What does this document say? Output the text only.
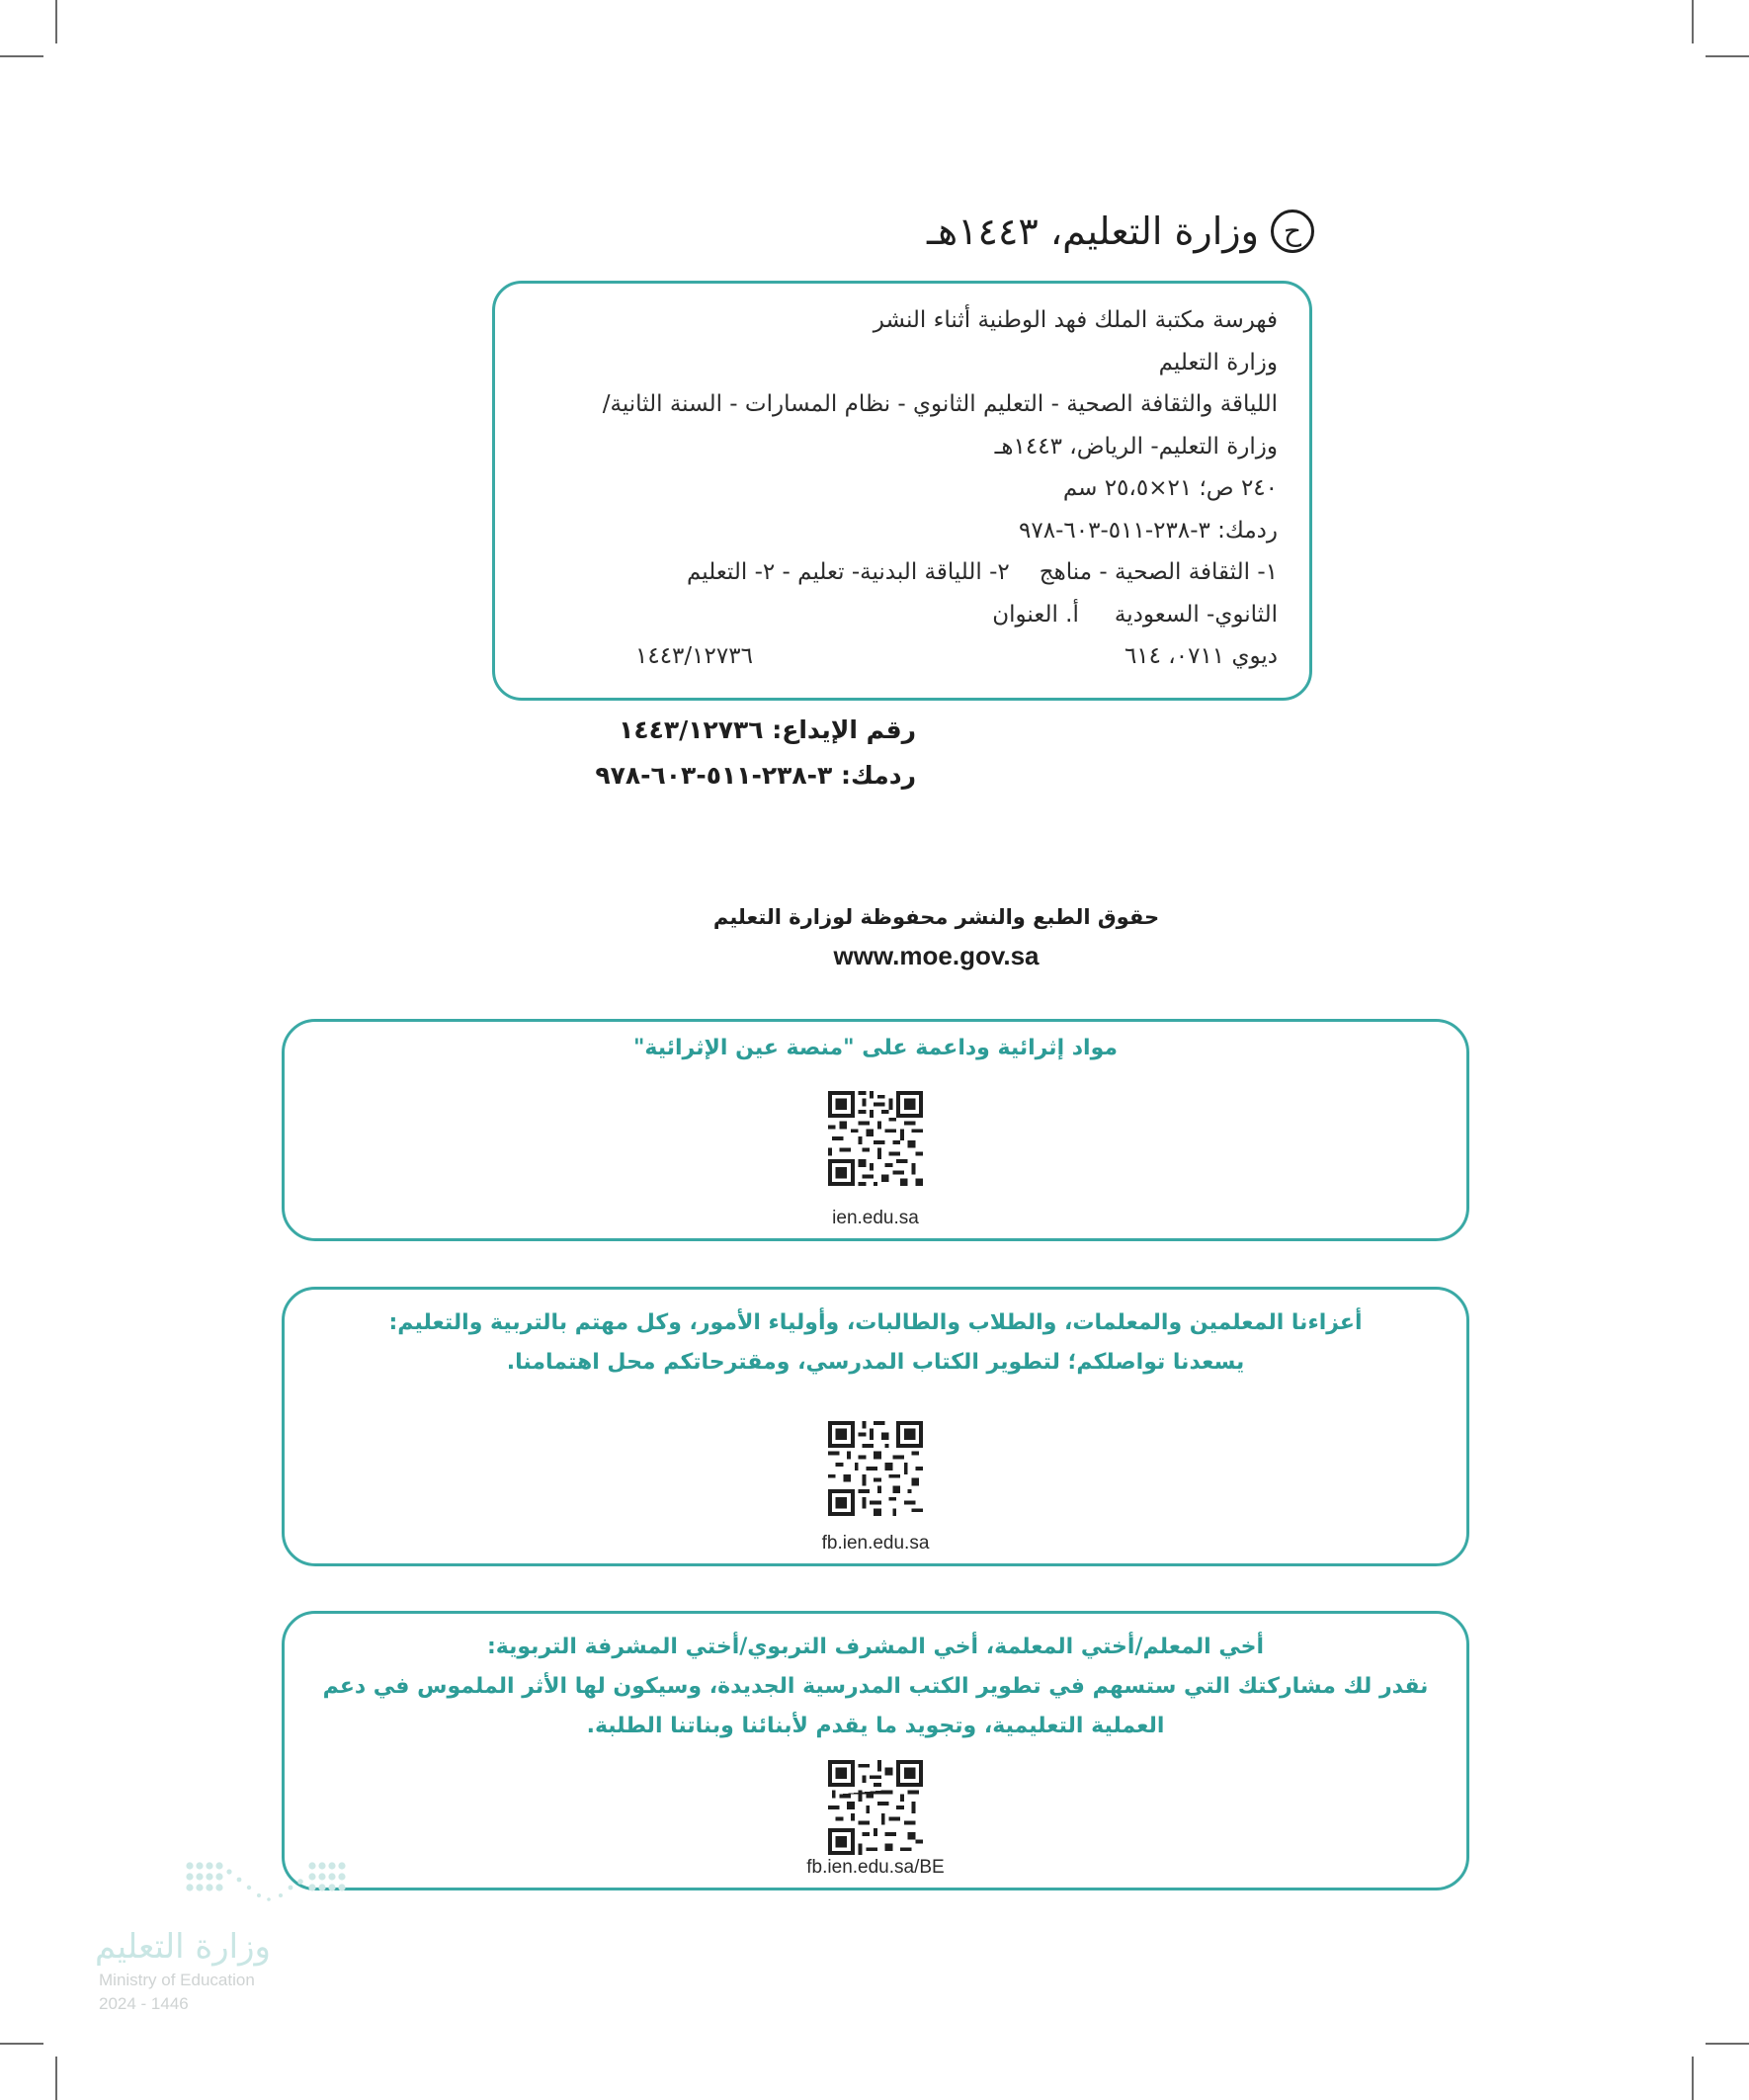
ح
وزارة التعليم، ١٤٤٣هـ
فهرسة مكتبة الملك فهد الوطنية أثناء النشر
وزارة التعليم
اللياقة والثقافة الصحية - التعليم الثانوي - نظام المسارات - السنة الثانية/
وزارة التعليم- الرياض، ١٤٤٣هـ
٢٤٠ ص؛ ٢١×٢٥،٥ سم
ردمك: ٣-٢٣٨-٥١١-٦٠٣-٩٧٨
١- الثقافة الصحية - مناهج
٢- اللياقة البدنية- تعليم - ٢- التعليم
الثانوي- السعودية
أ. العنوان
ديوي ٠٧١١، ٦١٤
١٤٤٣/١٢٧٣٦
رقم الإيداع: ١٤٤٣/١٢٧٣٦
ردمك: ٣-٢٣٨-٥١١-٦٠٣-٩٧٨
حقوق الطبع والنشر محفوظة لوزارة التعليم
www.moe.gov.sa
مواد إثرائية وداعمة على "منصة عين الإثرائية"
ien.edu.sa
أعزاءنا المعلمين والمعلمات، والطلاب والطالبات، وأولياء الأمور، وكل مهتم بالتربية والتعليم:
يسعدنا تواصلكم؛ لتطوير الكتاب المدرسي، ومقترحاتكم محل اهتمامنا.
fb.ien.edu.sa
أخي المعلم/أختي المعلمة، أخي المشرف التربوي/أختي المشرفة التربوية:
نقدر لك مشاركتك التي ستسهم في تطوير الكتب المدرسية الجديدة، وسيكون لها الأثر الملموس في دعم
العملية التعليمية، وتجويد ما يقدم لأبنائنا وبناتنا الطلبة.
fb.ien.edu.sa/BE
وزارة التعليم
Ministry of Education
2024 - 1446
